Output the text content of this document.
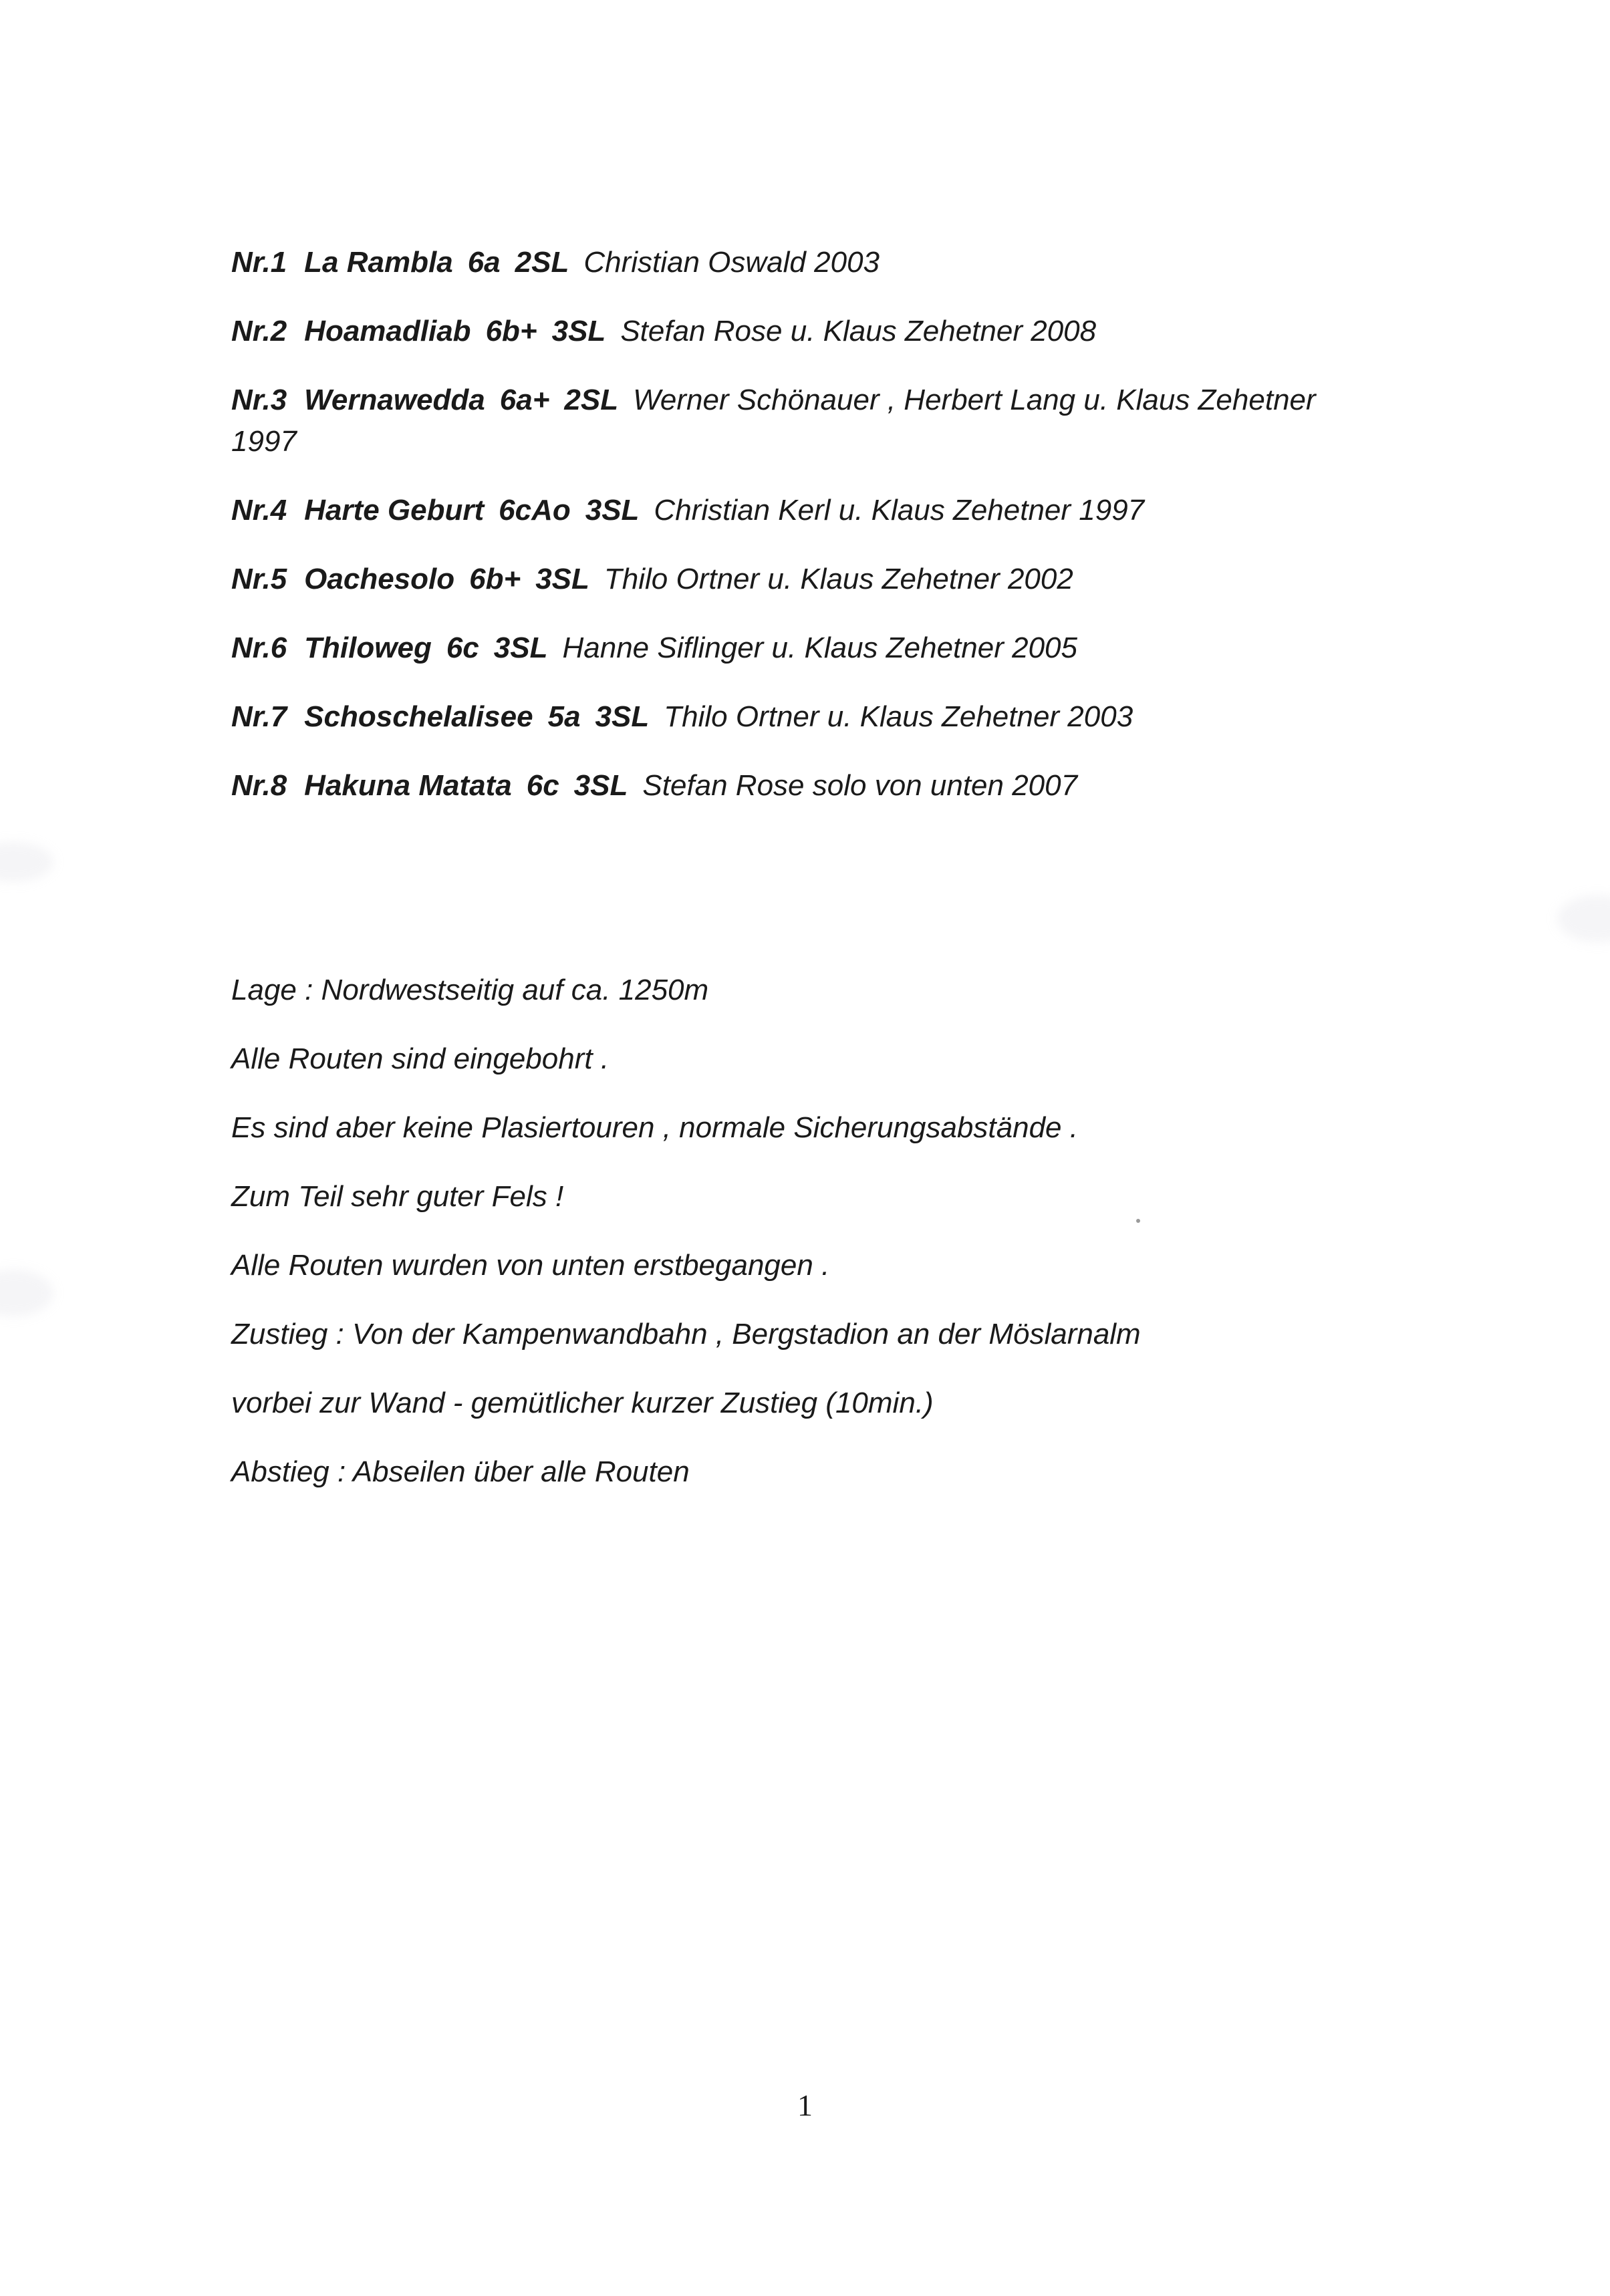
Nr.1 La Rambla 6a 2SL Christian Oswald 2003
Nr.2 Hoamadliab 6b+ 3SL Stefan Rose u. Klaus Zehetner 2008
Nr.3 Wernawedda 6a+ 2SL Werner Schönauer , Herbert Lang u. Klaus Zehetner 1997
Nr.4 Harte Geburt 6cAo 3SL Christian Kerl u. Klaus Zehetner 1997
Nr.5 Oachesolo 6b+ 3SL Thilo Ortner u. Klaus Zehetner 2002
Nr.6 Thiloweg 6c 3SL Hanne Siflinger u. Klaus Zehetner 2005
Nr.7 Schoschelalisee 5a 3SL Thilo Ortner u. Klaus Zehetner 2003
Nr.8 Hakuna Matata 6c 3SL Stefan Rose solo von unten 2007
Lage : Nordwestseitig auf ca. 1250m
Alle Routen sind eingebohrt .
Es sind aber keine Plasiertouren , normale Sicherungsabstände .
Zum Teil sehr guter Fels !
Alle Routen wurden von unten erstbegangen .
Zustieg : Von der Kampenwandbahn , Bergstadion an der Möslarnalm
vorbei zur Wand - gemütlicher kurzer Zustieg (10min.)
Abstieg : Abseilen über alle Routen
1
